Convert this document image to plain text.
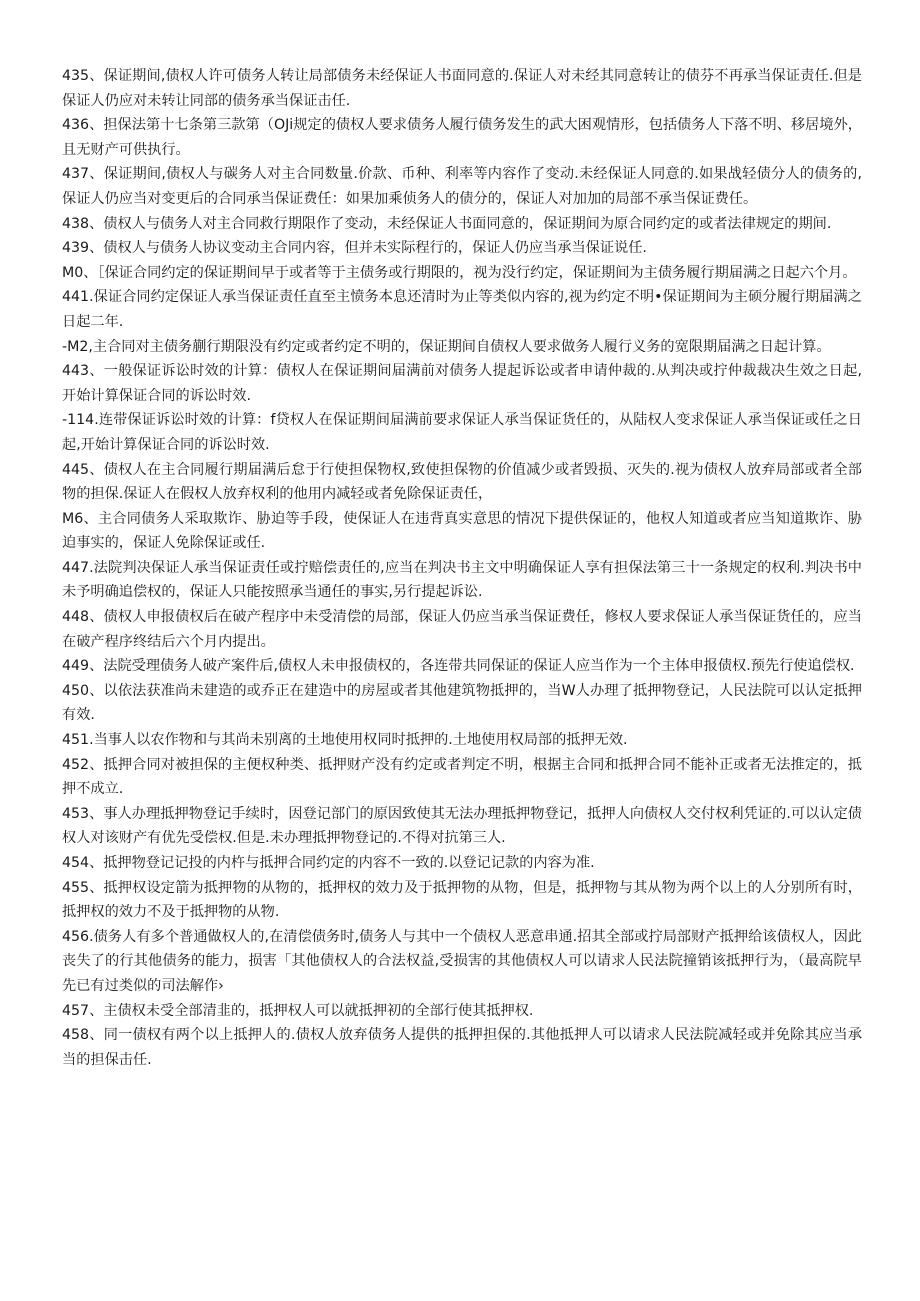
435、保证期间,债权人许可债务人转让局部债务未经保证人书面同意的.保证人对未经其同意转让的债芬不再承当保证责任.但是保证人仍应对未转让同部的债务承当保证击任.

436、担保法第十七条第三款第（OJi规定的债权人要求债务人履行债务发生的武大困观情形，包括债务人下落不明、移居境外，且无财产可供执行。

437、保证期间,债权人与碳务人对主合同数量.价款、币种、利率等内容作了变动.未经保证人同意的.如果战轻债分人的债务的,保证人仍应当对变更后的合同承当保证费任：如果加乘侦务人的债分的，保证人对加加的局部不承当保证费任。

438、债权人与债务人对主合同救行期限作了变动，未经保证人书面同意的，保证期间为原合同约定的或者法律规定的期间.

439、债权人与债务人协议变动主合同内容，但并未实际程行的，保证人仍应当承当保证说任.

M0、［保证合同约定的保证期间早于或者等于主债务或行期限的，视为没行约定，保证期间为主债务履行期届满之日起六个月。

441.保证合同约定保证人承当保证责任直至主愤务本息还清时为止等类似内容的,视为约定不明•保证期间为主硕分履行期届满之日起二年.

-M2,主合同对主债务蒯行期限没有约定或者约定不明的，保证期间自债权人要求做务人履行义务的宽限期届满之日起计算。

443、一般保证诉讼时效的计算：债权人在保证期间届满前对债务人提起诉讼或者申请仲裁的.从判决或拧仲裁裁决生效之日起,开始计算保证合同的诉讼时效.

-114.连带保证诉讼时效的计算：f贷权人在保证期间届满前要求保证人承当保证货任的，从陆权人变求保证人承当保证或任之日起,开始计算保证合同的诉讼时效.

445、债权人在主合同履行期届满后怠于行使担保物权,致使担保物的价值减少或者毁损、灭失的.视为债权人放弃局部或者全部物的担保.保证人在假权人放弃权利的他用内减轻或者免除保证责任，

M6、主合同债务人采取欺诈、胁迫等手段，使保证人在违背真实意思的情况下提供保证的，他权人知道或者应当知道欺诈、胁迫事实的，保证人免除保证或任.

447.法院判决保证人承当保证责任或拧赔偿责任的,应当在判决书主文中明确保证人享有担保法第三十一条规定的权利.判决书中未予明确追偿权的，保证人只能按照承当通任的事实,另行提起诉讼.

448、债权人申报债权后在破产程序中未受清偿的局部，保证人仍应当承当保证费任，修权人要求保证人承当保证货任的，应当在破产程序终结后六个月内提出。

449、法院受理债务人破产案件后,债权人未申报债权的，各连带共同保证的保证人应当作为一个主体申报债权.预先行使追偿权.

450、以依法获准尚未建造的或乔正在建造中的房屋或者其他建筑物抵押的，当W人办理了抵押物登记，人民法院可以认定抵押有效.

451.当事人以农作物和与其尚未别离的土地使用权同时抵押的.土地使用权局部的抵押无效.

452、抵押合同对被担保的主便权种类、抵押财产没有约定或者判定不明，根据主合同和抵押合同不能补正或者无法推定的，抵押不成立.

453、事人办理抵押物登记手续时，因登记部门的原因致使其无法办理抵押物登记，抵押人向债权人交付权利凭证的.可以认定债权人对该财产有优先受偿权.但是.未办理抵押物登记的.不得对抗第三人.

454、抵押物登记记投的内杵与抵押合同约定的内容不一致的.以登记记款的内容为准.

455、抵押权设定箭为抵押物的从物的，抵押权的效力及于抵押物的从物，但是，抵押物与其从物为两个以上的人分别所有时，抵押权的效力不及于抵押物的从物.

456.债务人有多个普通做权人的,在清偿债务时,债务人与其中一个债权人恶意串通.招其全部或拧局部财产抵押给该债权人，因此丧失了的行其他债务的能力，损害「其他债权人的合法权益,受损害的其他债权人可以请求人民法院撞销该抵押行为，（最高院早先已有过类似的司法解作›

457、主债权未受全部清韭的，抵押权人可以就抵押初的全部行使其抵押权.

458、同一债权有两个以上抵押人的.债权人放弃债务人提供的抵押担保的.其他抵押人可以请求人民法院减轻或并免除其应当承当的担保击任.
